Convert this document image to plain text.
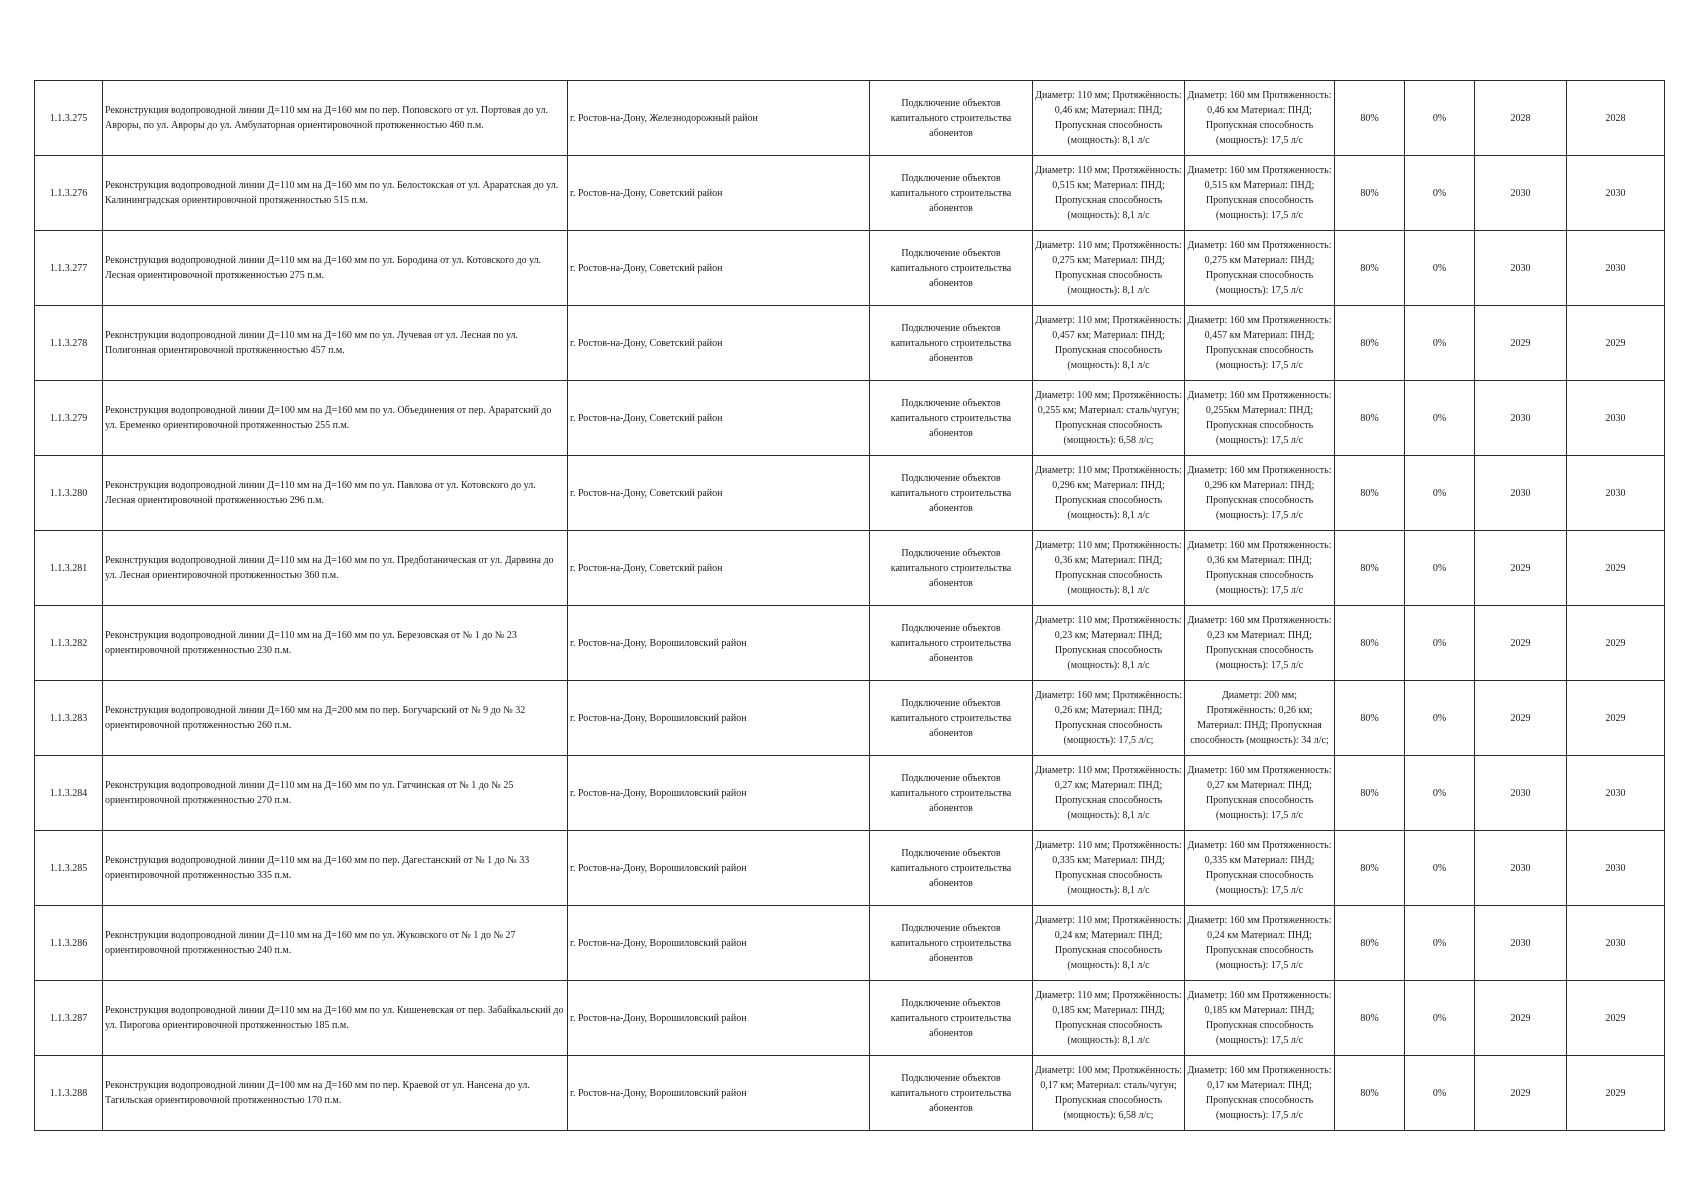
1.1.3.275	Реконструкция водопроводной линии Д=110 мм на Д=160 мм по пер. Поповского от ул. Портовая до ул. Авроры, по ул. Авроры до ул. Амбулаторная ориентировочной протяженностью 460 п.м.	г. Ростов-на-Дону, Железнодорожный район	Подключение объектов капитального строительства абонентов	Диаметр: 110 мм; Протяжённость: 0,46 км; Материал: ПНД; Пропускная способность (мощность): 8,1 л/с	Диаметр: 160 мм Протяженность: 0,46 км Материал: ПНД; Пропускная способность (мощность): 17,5 л/с	80%	0%	2028	2028
1.1.3.276	Реконструкция водопроводной линии Д=110 мм на Д=160 мм по ул. Белостокская от ул. Араратская до ул. Калининградская ориентировочной протяженностью 515 п.м.	г. Ростов-на-Дону, Советский район	Подключение объектов капитального строительства абонентов	Диаметр: 110 мм; Протяжённость: 0,515 км; Материал: ПНД; Пропускная способность (мощность): 8,1 л/с	Диаметр: 160 мм Протяженность: 0,515 км Материал: ПНД; Пропускная способность (мощность): 17,5 л/с	80%	0%	2030	2030
1.1.3.277	Реконструкция водопроводной линии Д=110 мм на Д=160 мм по ул. Бородина от ул. Котовского до ул. Лесная ориентировочной протяженностью 275 п.м.	г. Ростов-на-Дону, Советский район	Подключение объектов капитального строительства абонентов	Диаметр: 110 мм; Протяжённость: 0,275 км; Материал: ПНД; Пропускная способность (мощность): 8,1 л/с	Диаметр: 160 мм Протяженность: 0,275 км Материал: ПНД; Пропускная способность (мощность): 17,5 л/с	80%	0%	2030	2030
1.1.3.278	Реконструкция водопроводной линии Д=110 мм на Д=160 мм по ул. Лучевая от ул. Лесная по ул. Полигонная ориентировочной протяженностью 457 п.м.	г. Ростов-на-Дону, Советский район	Подключение объектов капитального строительства абонентов	Диаметр: 110 мм; Протяжённость: 0,457 км; Материал: ПНД; Пропускная способность (мощность): 8,1 л/с	Диаметр: 160 мм Протяженность: 0,457 км Материал: ПНД; Пропускная способность (мощность): 17,5 л/с	80%	0%	2029	2029
1.1.3.279	Реконструкция водопроводной линии Д=100 мм на Д=160 мм по ул. Объединения от пер. Араратский до ул. Еременко ориентировочной протяженностью 255 п.м.	г. Ростов-на-Дону, Советский район	Подключение объектов капитального строительства абонентов	Диаметр: 100 мм; Протяжённость: 0,255 км; Материал: сталь/чугун; Пропускная способность (мощность): 6,58 л/с;	Диаметр: 160 мм Протяженность: 0,255км Материал: ПНД; Пропускная способность (мощность): 17,5 л/с	80%	0%	2030	2030
1.1.3.280	Реконструкция водопроводной линии Д=110 мм на Д=160 мм по ул. Павлова от ул. Котовского до ул. Лесная ориентировочной протяженностью 296 п.м.	г. Ростов-на-Дону, Советский район	Подключение объектов капитального строительства абонентов	Диаметр: 110 мм; Протяжённость: 0,296 км; Материал: ПНД; Пропускная способность (мощность): 8,1 л/с	Диаметр: 160 мм Протяженность: 0,296 км Материал: ПНД; Пропускная способность (мощность): 17,5 л/с	80%	0%	2030	2030
1.1.3.281	Реконструкция водопроводной линии Д=110 мм на Д=160 мм по ул. Предботаническая от ул. Дарвина до ул. Лесная ориентировочной протяженностью 360 п.м.	г. Ростов-на-Дону, Советский район	Подключение объектов капитального строительства абонентов	Диаметр: 110 мм; Протяжённость: 0,36 км; Материал: ПНД; Пропускная способность (мощность): 8,1 л/с	Диаметр: 160 мм Протяженность: 0,36 км Материал: ПНД; Пропускная способность (мощность): 17,5 л/с	80%	0%	2029	2029
1.1.3.282	Реконструкция водопроводной линии Д=110 мм на Д=160 мм по ул. Березовская от № 1 до № 23 ориентировочной протяженностью 230 п.м.	г. Ростов-на-Дону, Ворошиловский район	Подключение объектов капитального строительства абонентов	Диаметр: 110 мм; Протяжённость: 0,23 км; Материал: ПНД; Пропускная способность (мощность): 8,1 л/с	Диаметр: 160 мм Протяженность: 0,23 км Материал: ПНД; Пропускная способность (мощность): 17,5 л/с	80%	0%	2029	2029
1.1.3.283	Реконструкция водопроводной линии Д=160 мм на Д=200 мм по пер. Богучарский от № 9 до № 32 ориентировочной протяженностью 260 п.м.	г. Ростов-на-Дону, Ворошиловский район	Подключение объектов капитального строительства абонентов	Диаметр: 160 мм; Протяжённость: 0,26 км; Материал: ПНД; Пропускная способность (мощность): 17,5 л/с;	Диаметр: 200 мм; Протяжённость: 0,26 км; Материал: ПНД; Пропускная способность (мощность): 34 л/с;	80%	0%	2029	2029
1.1.3.284	Реконструкция водопроводной линии Д=110 мм на Д=160 мм по ул. Гатчинская от № 1 до № 25 ориентировочной протяженностью 270 п.м.	г. Ростов-на-Дону, Ворошиловский район	Подключение объектов капитального строительства абонентов	Диаметр: 110 мм; Протяжённость: 0,27 км; Материал: ПНД; Пропускная способность (мощность): 8,1 л/с	Диаметр: 160 мм Протяженность: 0,27 км Материал: ПНД; Пропускная способность (мощность): 17,5 л/с	80%	0%	2030	2030
1.1.3.285	Реконструкция водопроводной линии Д=110 мм на Д=160 мм по пер. Дагестанский от № 1 до № 33 ориентировочной протяженностью 335 п.м.	г. Ростов-на-Дону, Ворошиловский район	Подключение объектов капитального строительства абонентов	Диаметр: 110 мм; Протяжённость: 0,335 км; Материал: ПНД; Пропускная способность (мощность): 8,1 л/с	Диаметр: 160 мм Протяженность: 0,335 км Материал: ПНД; Пропускная способность (мощность): 17,5 л/с	80%	0%	2030	2030
1.1.3.286	Реконструкция водопроводной линии Д=110 мм на Д=160 мм по ул. Жуковского от № 1 до № 27 ориентировочной протяженностью 240 п.м.	г. Ростов-на-Дону, Ворошиловский район	Подключение объектов капитального строительства абонентов	Диаметр: 110 мм; Протяжённость: 0,24 км; Материал: ПНД; Пропускная способность (мощность): 8,1 л/с	Диаметр: 160 мм Протяженность: 0,24 км Материал: ПНД; Пропускная способность (мощность): 17,5 л/с	80%	0%	2030	2030
1.1.3.287	Реконструкция водопроводной линии Д=110 мм на Д=160 мм по ул. Кишеневская от пер. Забайкальский до ул. Пирогова ориентировочной протяженностью 185 п.м.	г. Ростов-на-Дону, Ворошиловский район	Подключение объектов капитального строительства абонентов	Диаметр: 110 мм; Протяжённость: 0,185 км; Материал: ПНД; Пропускная способность (мощность): 8,1 л/с	Диаметр: 160 мм Протяженность: 0,185 км Материал: ПНД; Пропускная способность (мощность): 17,5 л/с	80%	0%	2029	2029
1.1.3.288	Реконструкция водопроводной линии Д=100 мм на Д=160 мм по пер. Краевой от ул. Нансена до ул. Тагильская ориентировочной протяженностью 170 п.м.	г. Ростов-на-Дону, Ворошиловский район	Подключение объектов капитального строительства абонентов	Диаметр: 100 мм; Протяжённость: 0,17 км; Материал: сталь/чугун; Пропускная способность (мощность): 6,58 л/с;	Диаметр: 160 мм Протяженность: 0,17 км Материал: ПНД; Пропускная способность (мощность): 17,5 л/с	80%	0%	2029	2029
